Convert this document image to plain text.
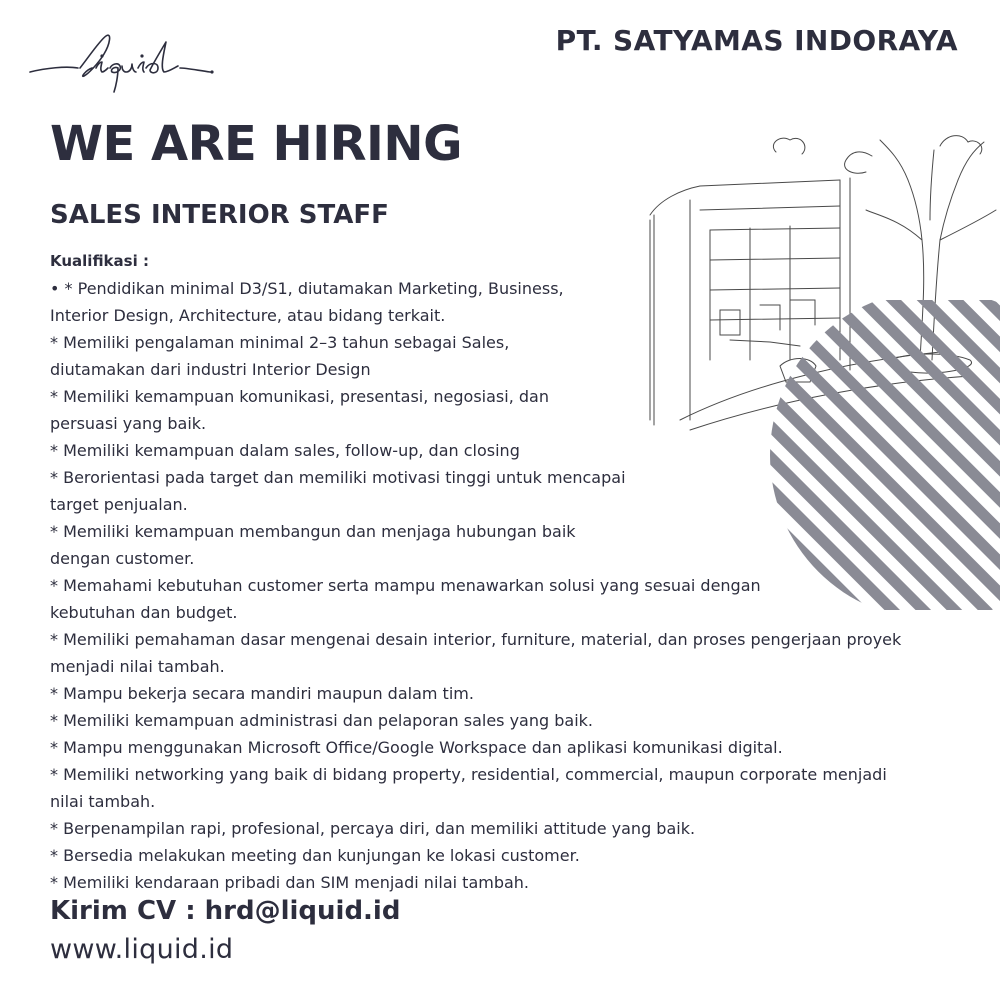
PT. SATYAMAS INDORAYA
WE ARE HIRING
SALES INTERIOR STAFF
Kualifikasi :
• * Pendidikan minimal D3/S1, diutamakan Marketing, Business,
Interior Design, Architecture, atau bidang terkait.
* Memiliki pengalaman minimal 2–3 tahun sebagai Sales,
diutamakan dari industri Interior Design
* Memiliki kemampuan komunikasi, presentasi, negosiasi, dan
persuasi yang baik.
* Memiliki kemampuan dalam sales, follow-up, dan closing
* Berorientasi pada target dan memiliki motivasi tinggi untuk mencapai
target penjualan.
* Memiliki kemampuan membangun dan menjaga hubungan baik
dengan customer.
* Memahami kebutuhan customer serta mampu menawarkan solusi yang sesuai dengan
kebutuhan dan budget.
* Memiliki pemahaman dasar mengenai desain interior, furniture, material, dan proses pengerjaan proyek
menjadi nilai tambah.
* Mampu bekerja secara mandiri maupun dalam tim.
* Memiliki kemampuan administrasi dan pelaporan sales yang baik.
* Mampu menggunakan Microsoft Office/Google Workspace dan aplikasi komunikasi digital.
* Memiliki networking yang baik di bidang property, residential, commercial, maupun corporate menjadi
nilai tambah.
* Berpenampilan rapi, profesional, percaya diri, dan memiliki attitude yang baik.
* Bersedia melakukan meeting dan kunjungan ke lokasi customer.
* Memiliki kendaraan pribadi dan SIM menjadi nilai tambah.
Kirim CV : hrd@liquid.id
www.liquid.id
